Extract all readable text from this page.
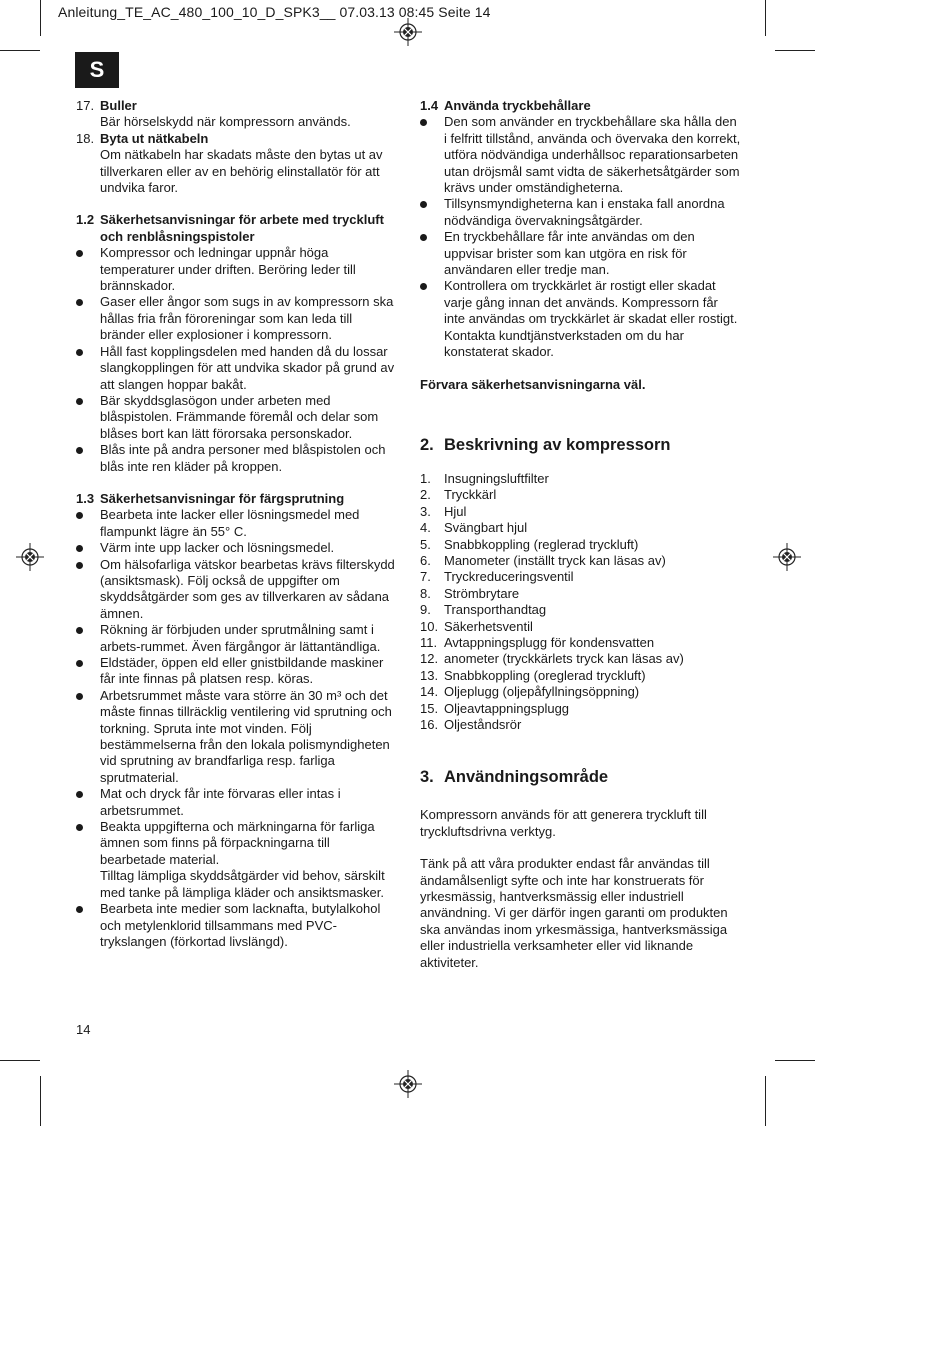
Anleitung_TE_AC_480_100_10_D_SPK3__ 07.03.13 08:45 Seite 14
S
17. Buller
Bär hörselskydd när kompressorn används.
18. Byta ut nätkabeln
Om nätkabeln har skadats måste den bytas ut av tillverkaren eller av en behörig elinstallatör för att undvika faror.
1.2 Säkerhetsanvisningar för arbete med tryckluft och renblåsningspistoler
Kompressor och ledningar uppnår höga temperaturer under driften. Beröring leder till brännskador.
Gaser eller ångor som sugs in av kompressorn ska hållas fria från föroreningar som kan leda till bränder eller explosioner i kompressorn.
Håll fast kopplingsdelen med handen då du lossar slangkopplingen för att undvika skador på grund av att slangen hoppar bakåt.
Bär skyddsglasögon under arbeten med blåspistolen. Främmande föremål och delar som blåses bort kan lätt förorsaka personskador.
Blås inte på andra personer med blåspistolen och blås inte ren kläder på kroppen.
1.3 Säkerhetsanvisningar för färgsprutning
Bearbeta inte lacker eller lösningsmedel med flampunkt lägre än 55° C.
Värm inte upp lacker och lösningsmedel.
Om hälsofarliga vätskor bearbetas krävs filterskydd (ansiktsmask). Följ också de uppgifter om skyddsåtgärder som ges av tillverkaren av sådana ämnen.
Rökning är förbjuden under sprutmålning samt i arbets-rummet. Även färgångor är lättantändliga.
Eldstäder, öppen eld eller gnistbildande maskiner får inte finnas på platsen resp. köras.
Arbetsrummet måste vara större än 30 m³ och det måste finnas tillräcklig ventilering vid sprutning och torkning. Spruta inte mot vinden. Följ bestämmelserna från den lokala polismyndigheten vid sprutning av brandfarliga resp. farliga sprutmaterial.
Mat och dryck får inte förvaras eller intas i arbetsrummet.
Beakta uppgifterna och märkningarna för farliga ämnen som finns på förpackningarna till bearbetade material.
Tilltag lämpliga skyddsåtgärder vid behov, särskilt med tanke på lämpliga kläder och ansiktsmasker.
Bearbeta inte medier som lacknafta, butylalkohol och metylenklorid tillsammans med PVC-trykslangen (förkortad livslängd).
1.4 Använda tryckbehållare
Den som använder en tryckbehållare ska hålla den i felfritt tillstånd, använda och övervaka den korrekt, utföra nödvändiga underhållsoc reparationsarbeten utan dröjsmål samt vidta de säkerhetsåtgärder som krävs under omständigheterna.
Tillsynsmyndigheterna kan i enstaka fall anordna nödvändiga övervakningsåtgärder.
En tryckbehållare får inte användas om den uppvisar brister som kan utgöra en risk för användaren eller tredje man.
Kontrollera om tryckkärlet är rostigt eller skadat varje gång innan det används. Kompressorn får inte användas om tryckkärlet är skadat eller rostigt. Kontakta kundtjänstverkstaden om du har konstaterat skador.
Förvara säkerhetsanvisningarna väl.
2. Beskrivning av kompressorn
1. Insugningsluftfilter
2. Tryckkärl
3. Hjul
4. Svängbart hjul
5. Snabbkoppling (reglerad tryckluft)
6. Manometer (inställt tryck kan läsas av)
7. Tryckreduceringsventil
8. Strömbrytare
9. Transporthandtag
10. Säkerhetsventil
11. Avtappningsplugg för kondensvatten
12. anometer (tryckkärlets tryck kan läsas av)
13. Snabbkoppling (oreglerad tryckluft)
14. Oljeplugg (oljepåfyllningsöppning)
15. Oljeavtappningsplugg
16. Oljeståndsrör
3. Användningsområde
Kompressorn används för att generera tryckluft till tryckluftsdrivna verktyg.
Tänk på att våra produkter endast får användas till ändamålsenligt syfte och inte har konstruerats för yrkesmässig, hantverksmässig eller industriell användning. Vi ger därför ingen garanti om produkten ska användas inom yrkesmässiga, hantverksmässiga eller industriella verksamheter eller vid liknande aktiviteter.
14
